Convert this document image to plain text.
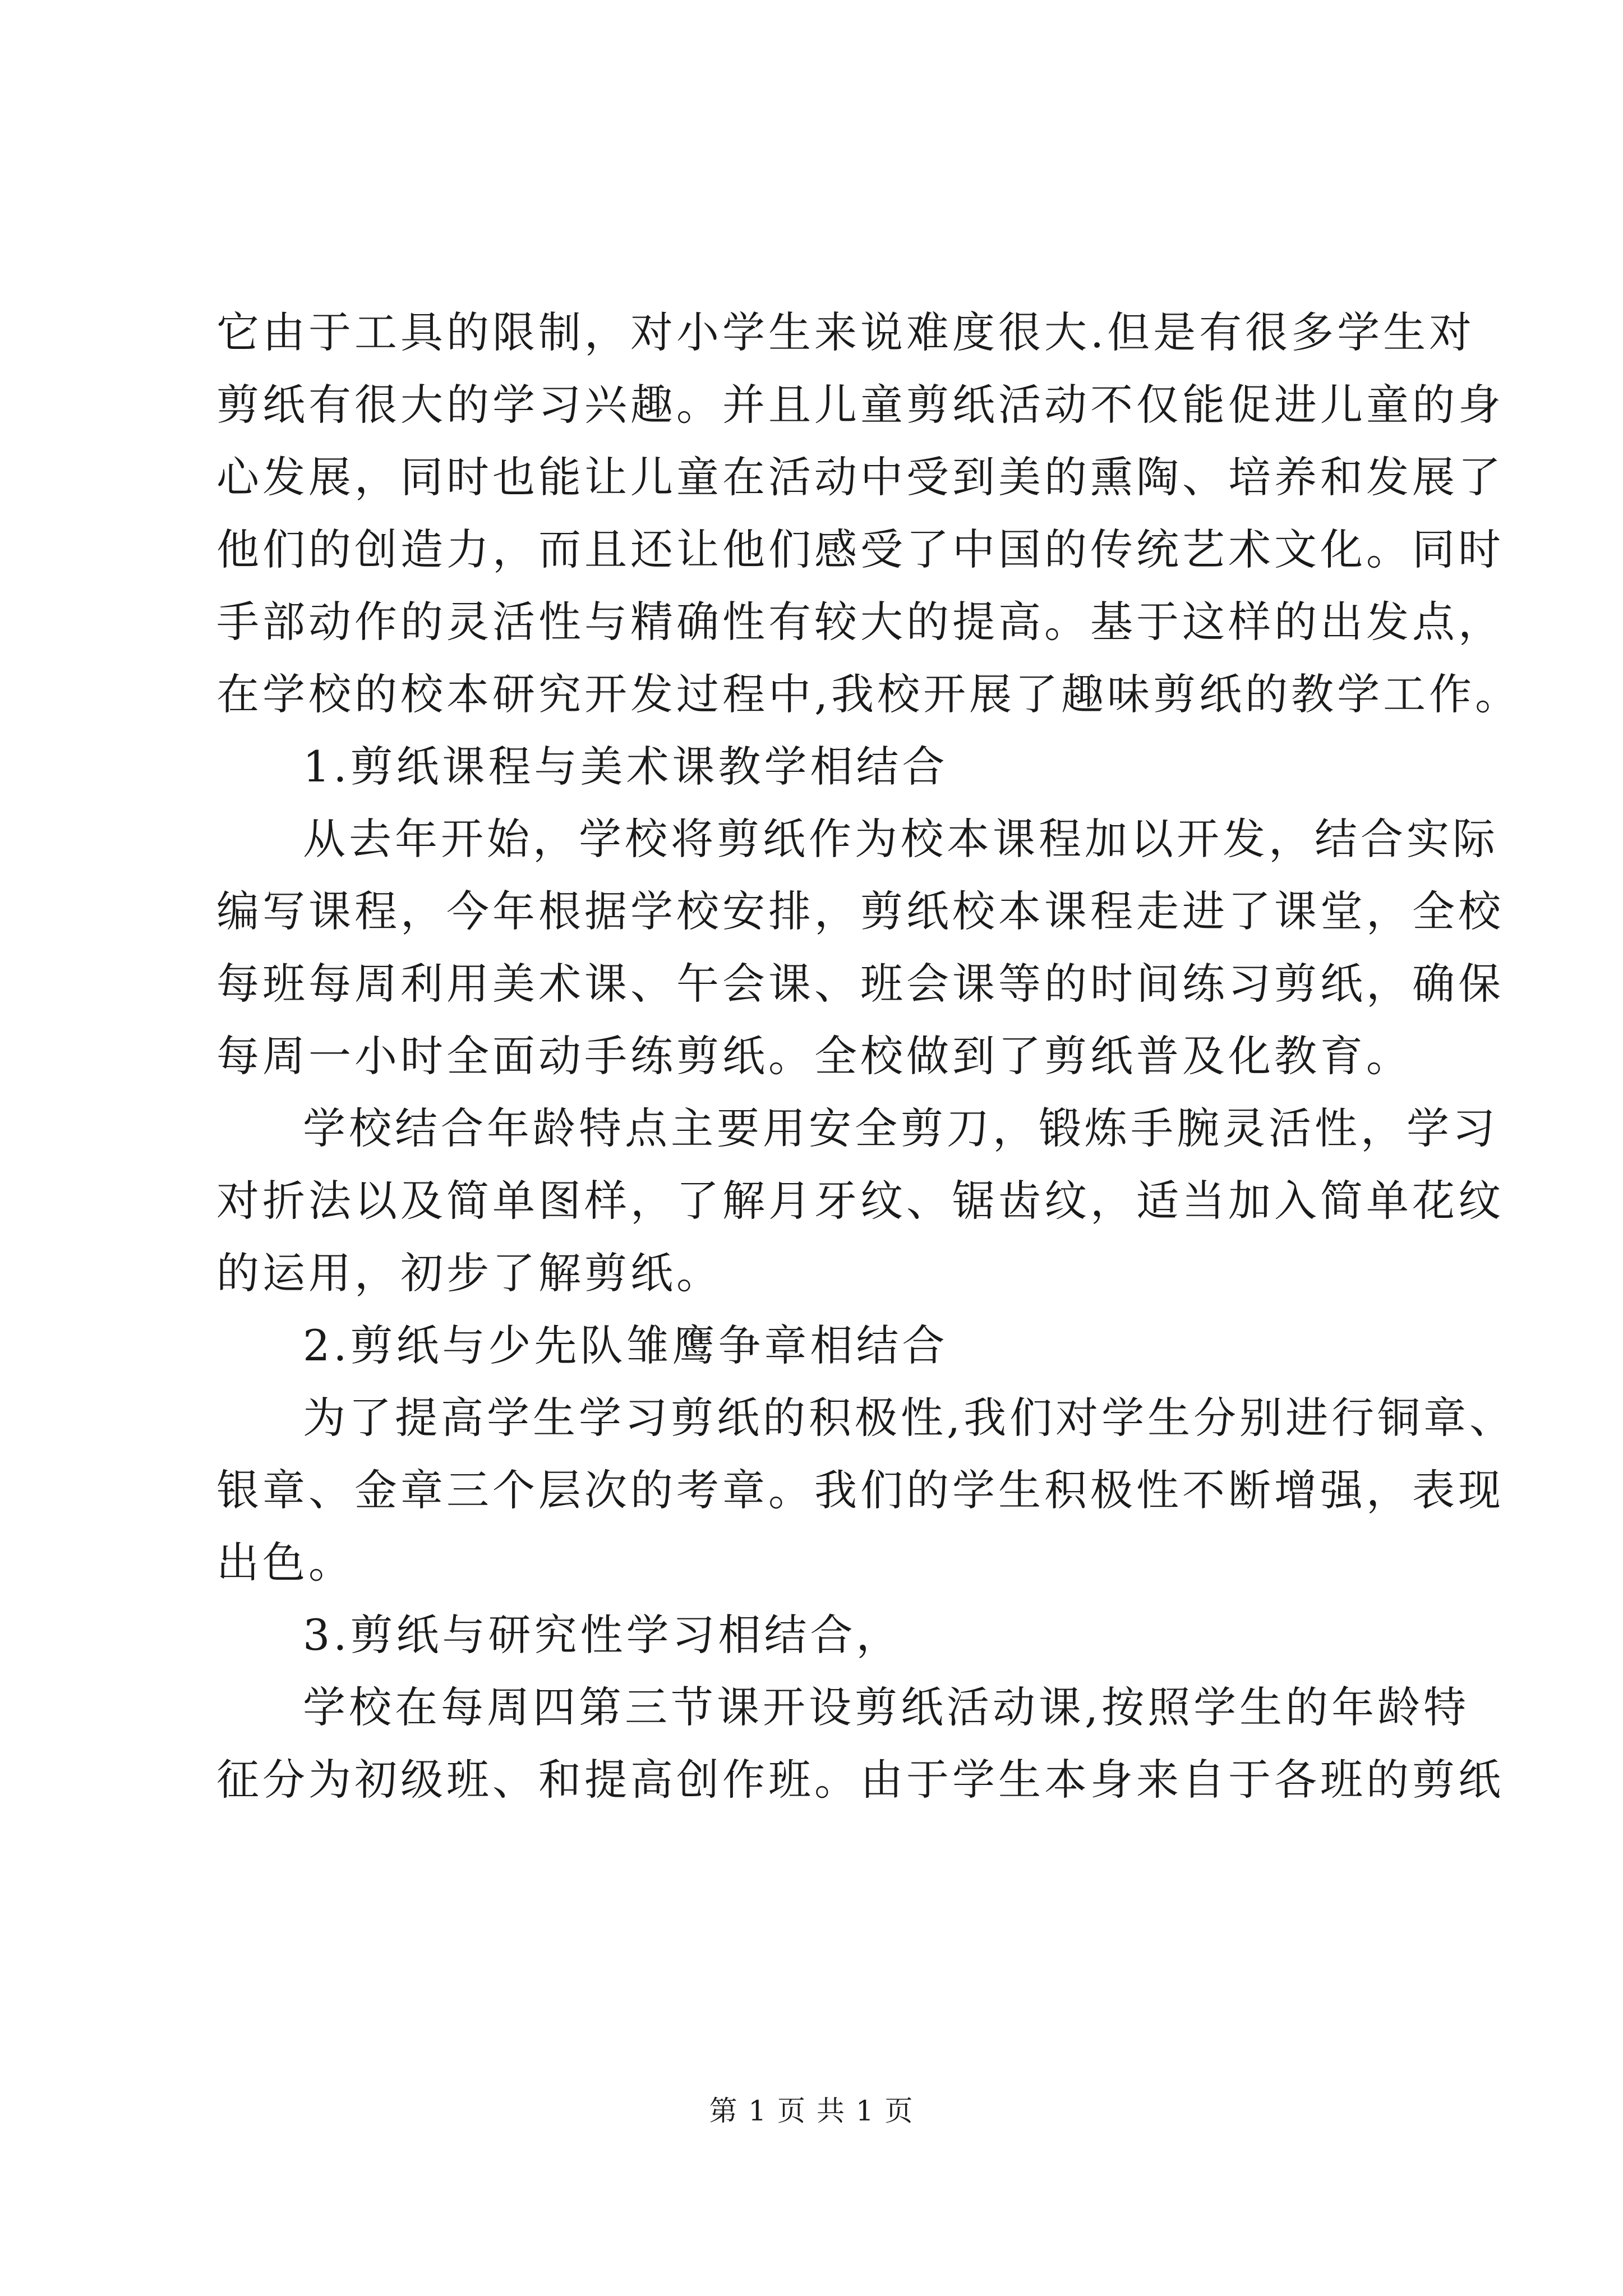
它由于工具的限制，对小学生来说难度很大.但是有很多学生对
剪纸有很大的学习兴趣。并且儿童剪纸活动不仅能促进儿童的身
心发展，同时也能让儿童在活动中受到美的熏陶、培养和发展了
他们的创造力，而且还让他们感受了中国的传统艺术文化。同时
手部动作的灵活性与精确性有较大的提高。基于这样的出发点，
在学校的校本研究开发过程中,我校开展了趣味剪纸的教学工作。
1.剪纸课程与美术课教学相结合
从去年开始，学校将剪纸作为校本课程加以开发，结合实际
编写课程，今年根据学校安排，剪纸校本课程走进了课堂，全校
每班每周利用美术课、午会课、班会课等的时间练习剪纸，确保
每周一小时全面动手练剪纸。全校做到了剪纸普及化教育。
学校结合年龄特点主要用安全剪刀，锻炼手腕灵活性，学习
对折法以及简单图样，了解月牙纹、锯齿纹，适当加入简单花纹
的运用，初步了解剪纸。
2.剪纸与少先队雏鹰争章相结合
为了提高学生学习剪纸的积极性,我们对学生分别进行铜章、
银章、金章三个层次的考章。我们的学生积极性不断增强，表现
出色。
3.剪纸与研究性学习相结合，
学校在每周四第三节课开设剪纸活动课,按照学生的年龄特
征分为初级班、和提高创作班。由于学生本身来自于各班的剪纸
第 1 页 共 1 页
